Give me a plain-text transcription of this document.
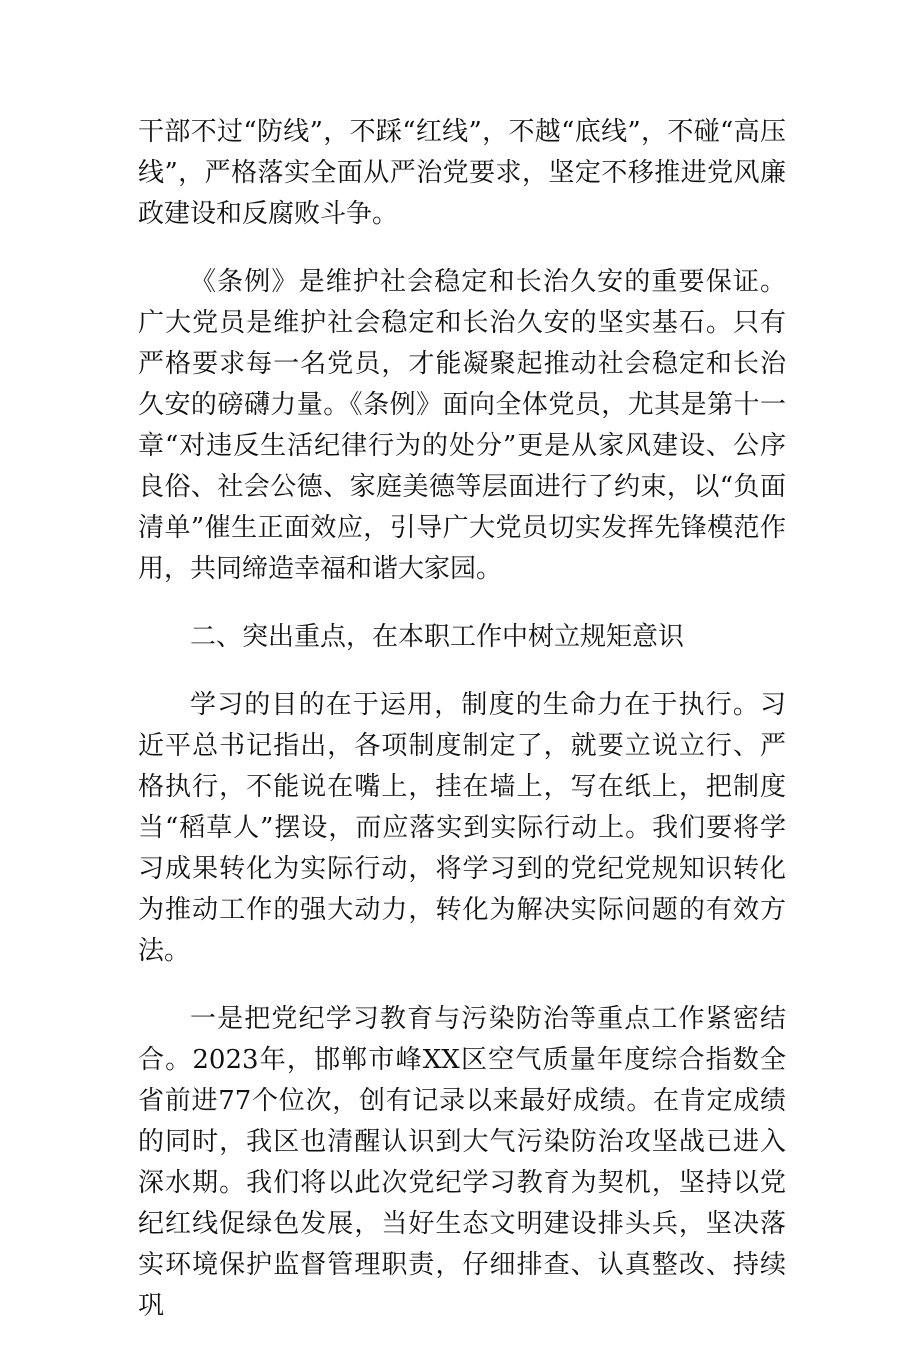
干部不过“防线”，不踩“红线”，不越“底线”，不碰“高压线”，严格落实全面从严治党要求，坚定不移推进党风廉政建设和反腐败斗争。

《条例》是维护社会稳定和长治久安的重要保证。广大党员是维护社会稳定和长治久安的坚实基石。只有严格要求每一名党员，才能凝聚起推动社会稳定和长治久安的磅礴力量。《条例》面向全体党员，尤其是第十一章“对违反生活纪律行为的处分”更是从家风建设、公序良俗、社会公德、家庭美德等层面进行了约束，以“负面清单”催生正面效应，引导广大党员切实发挥先锋模范作用，共同缔造幸福和谐大家园。

二、突出重点，在本职工作中树立规矩意识

学习的目的在于运用，制度的生命力在于执行。习近平总书记指出，各项制度制定了，就要立说立行、严格执行，不能说在嘴上，挂在墙上，写在纸上，把制度当“稻草人”摆设，而应落实到实际行动上。我们要将学习成果转化为实际行动，将学习到的党纪党规知识转化为推动工作的强大动力，转化为解决实际问题的有效方法。

一是把党纪学习教育与污染防治等重点工作紧密结合。2023年，邯郸市峰XX区空气质量年度综合指数全省前进77个位次，创有记录以来最好成绩。在肯定成绩的同时，我区也清醒认识到大气污染防治攻坚战已进入深水期。我们将以此次党纪学习教育为契机，坚持以党纪红线促绿色发展，当好生态文明建设排头兵，坚决落实环境保护监督管理职责，仔细排查、认真整改、持续巩
